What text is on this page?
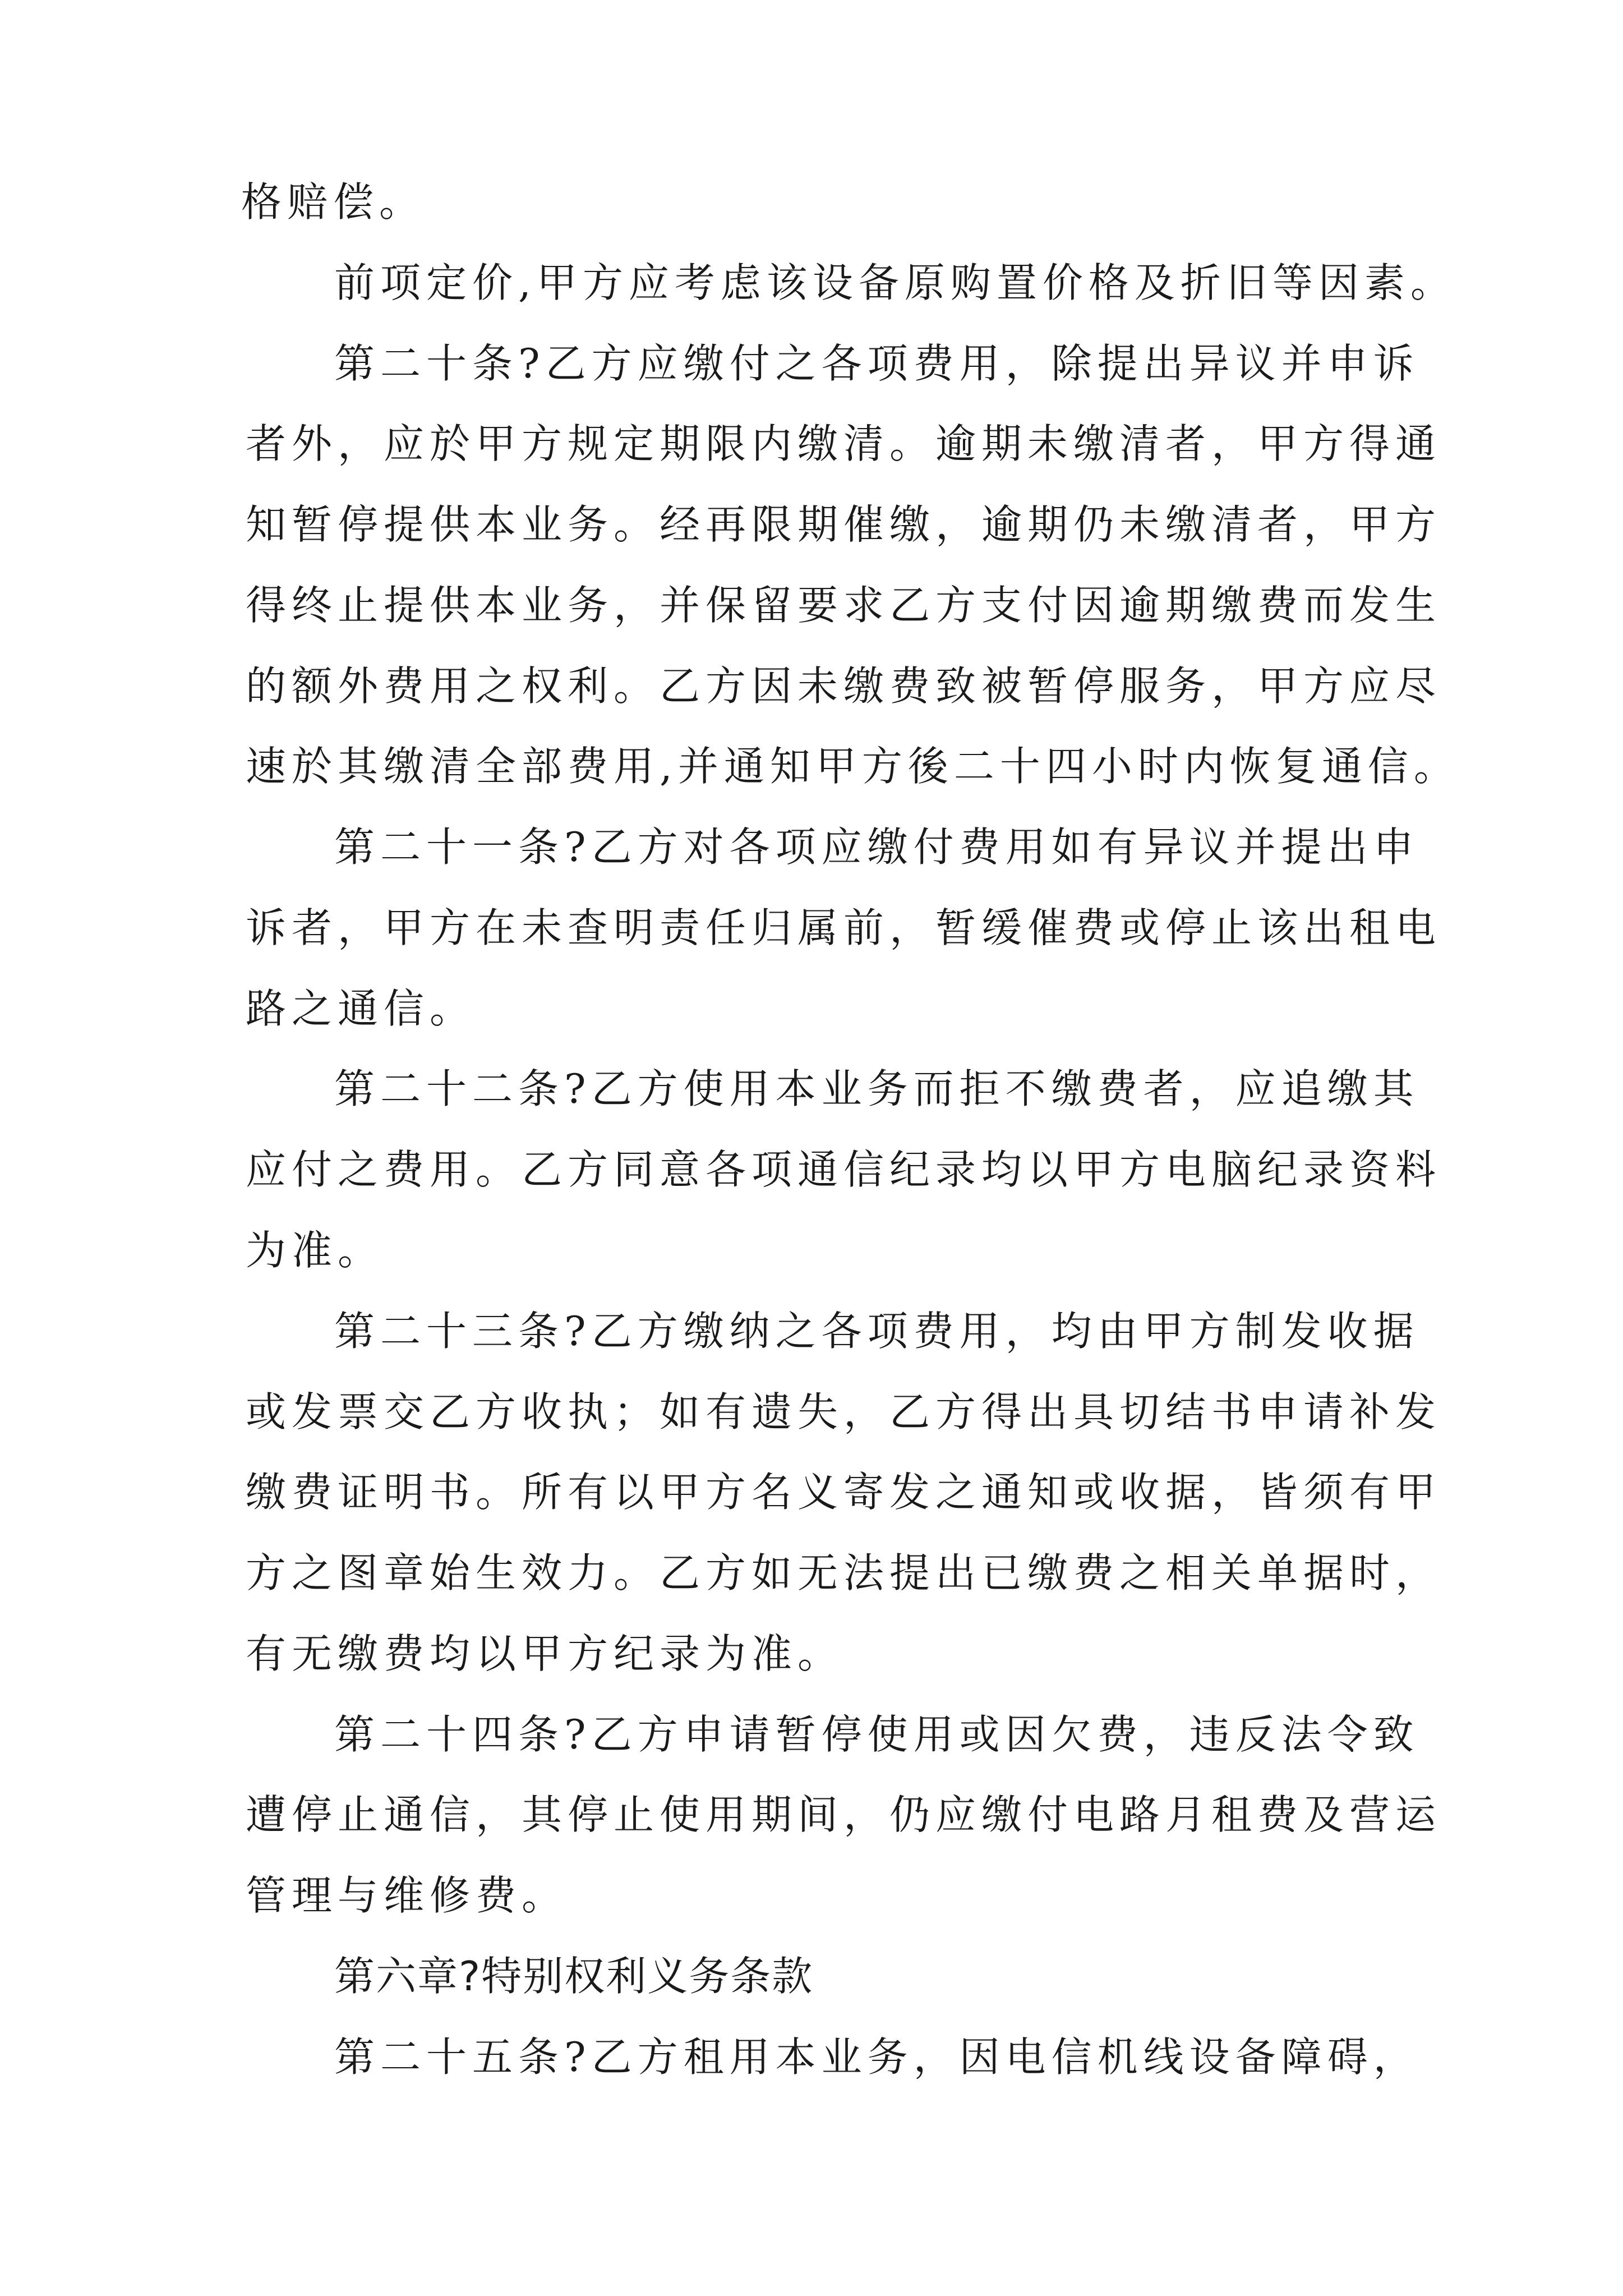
格赔偿。
前项定价,甲方应考虑该设备原购置价格及折旧等因素。
第二十条?乙方应缴付之各项费用，除提出异议并申诉
者外，应於甲方规定期限内缴清。逾期未缴清者，甲方得通
知暂停提供本业务。经再限期催缴，逾期仍未缴清者，甲方
得终止提供本业务，并保留要求乙方支付因逾期缴费而发生
的额外费用之权利。乙方因未缴费致被暂停服务，甲方应尽
速於其缴清全部费用,并通知甲方後二十四小时内恢复通信。
第二十一条?乙方对各项应缴付费用如有异议并提出申
诉者，甲方在未查明责任归属前，暂缓催费或停止该出租电
路之通信。
第二十二条?乙方使用本业务而拒不缴费者，应追缴其
应付之费用。乙方同意各项通信纪录均以甲方电脑纪录资料
为准。
第二十三条?乙方缴纳之各项费用，均由甲方制发收据
或发票交乙方收执；如有遗失，乙方得出具切结书申请补发
缴费证明书。所有以甲方名义寄发之通知或收据，皆须有甲
方之图章始生效力。乙方如无法提出已缴费之相关单据时，
有无缴费均以甲方纪录为准。
第二十四条?乙方申请暂停使用或因欠费，违反法令致
遭停止通信，其停止使用期间，仍应缴付电路月租费及营运
管理与维修费。
第六章?特别权利义务条款
第二十五条?乙方租用本业务，因电信机线设备障碍，
